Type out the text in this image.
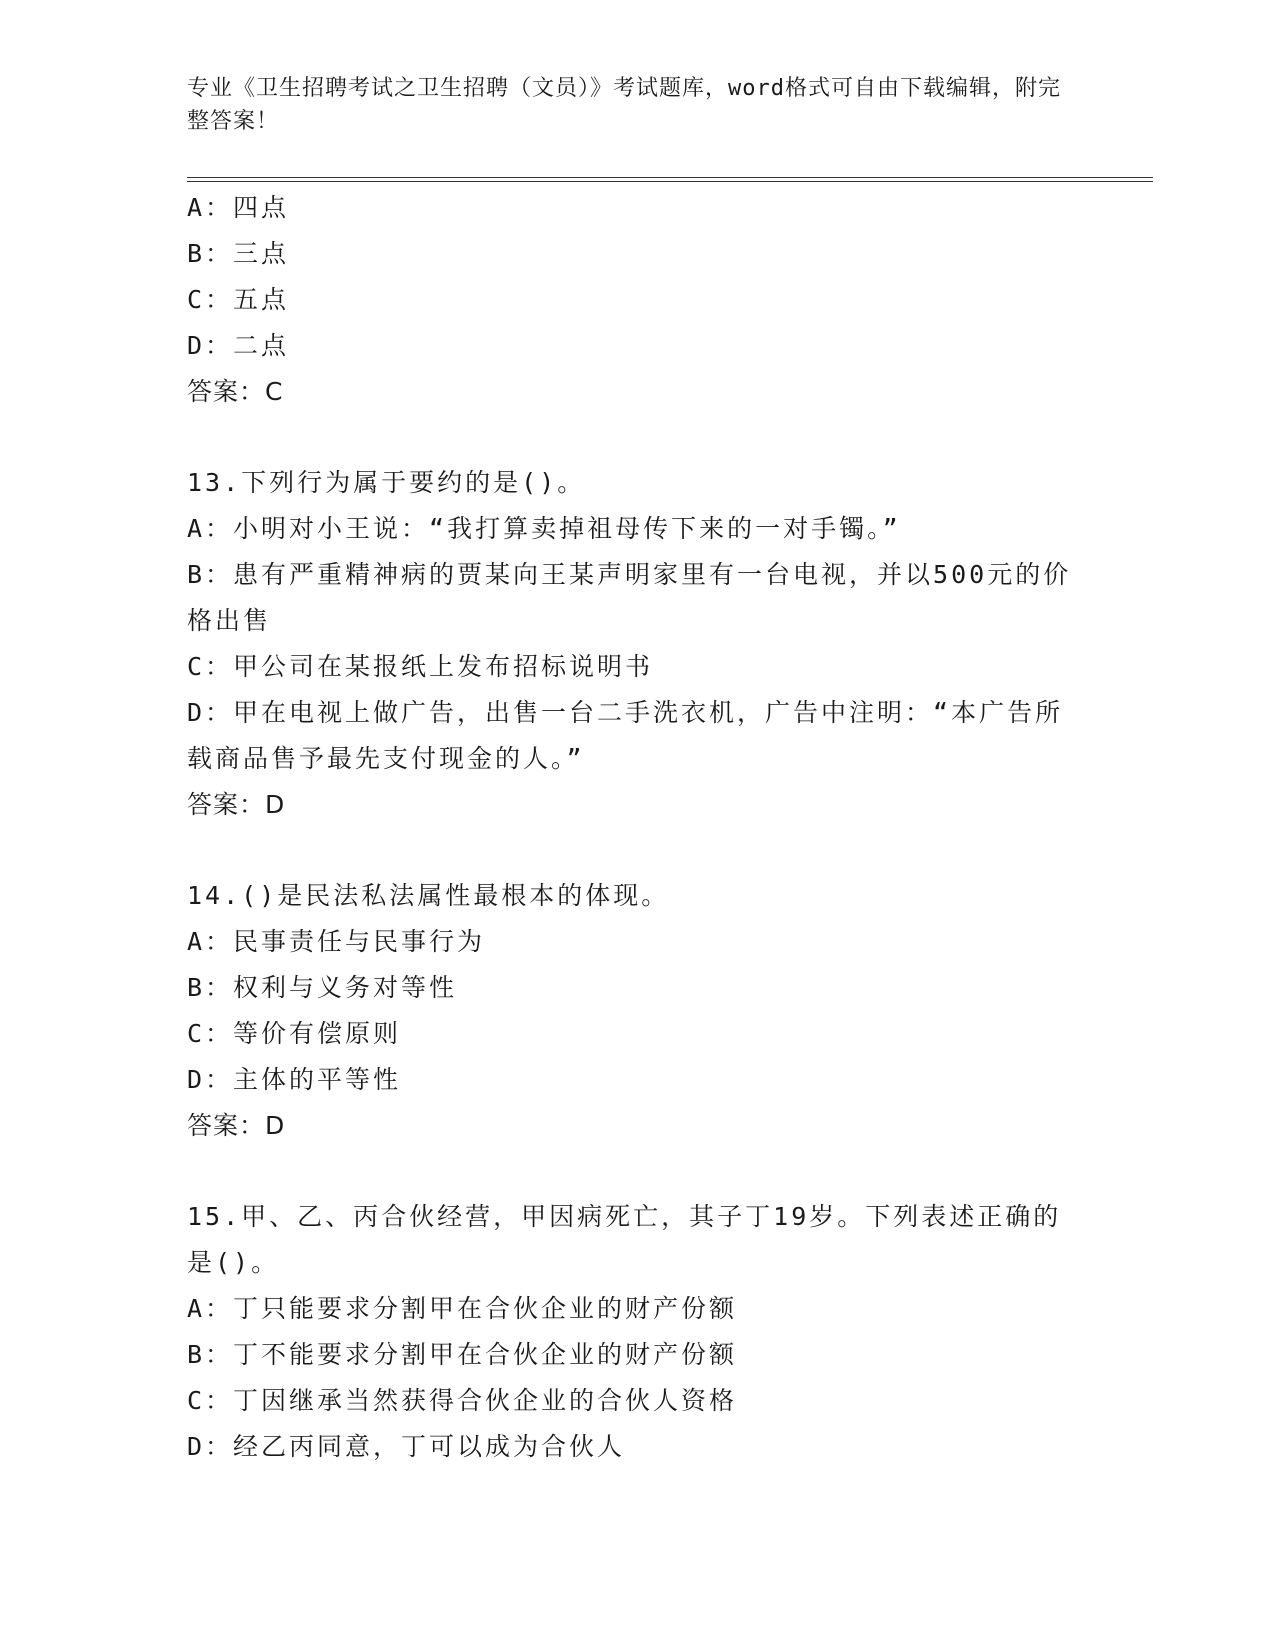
专业《卫生招聘考试之卫生招聘（文员）》考试题库，word格式可自由下载编辑，附完整答案！
A：四点
B：三点
C：五点
D：二点
答案：C
13.下列行为属于要约的是()。
A：小明对小王说：“我打算卖掉祖母传下来的一对手镯。”
B：患有严重精神病的贾某向王某声明家里有一台电视，并以500元的价格出售
C：甲公司在某报纸上发布招标说明书
D：甲在电视上做广告，出售一台二手洗衣机，广告中注明：“本广告所载商品售予最先支付现金的人。”
答案：D
14.()是民法私法属性最根本的体现。
A：民事责任与民事行为
B：权利与义务对等性
C：等价有偿原则
D：主体的平等性
答案：D
15.甲、乙、丙合伙经营，甲因病死亡，其子丁19岁。下列表述正确的是()。
A：丁只能要求分割甲在合伙企业的财产份额
B：丁不能要求分割甲在合伙企业的财产份额
C：丁因继承当然获得合伙企业的合伙人资格
D：经乙丙同意，丁可以成为合伙人
